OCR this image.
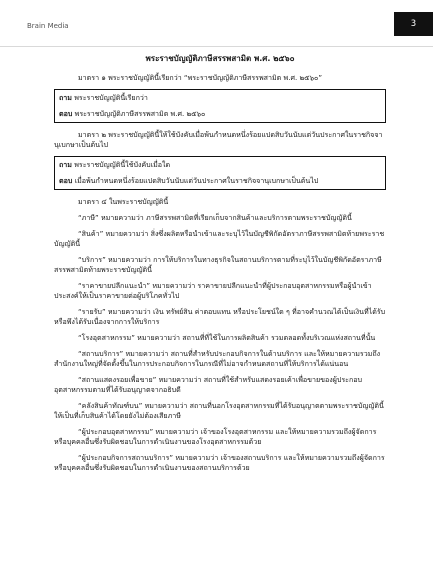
Brain Media	3
พระราชบัญญัติภาษีสรรพสามิต พ.ศ. ๒๕๖๐

มาตรา ๑ พระราชบัญญัตินี้เรียกว่า “พระราชบัญญัติภาษีสรรพสามิต พ.ศ. ๒๕๖๐”

ถาม พระราชบัญญัตินี้เรียกว่า

ตอบ พระราชบัญญัติภาษีสรรพสามิต พ.ศ. ๒๕๖๐

มาตรา ๒ พระราชบัญญัตินี้ให้ใช้บังคับเมื่อพ้นกำหนดหนึ่งร้อยแปดสิบวันนับแต่วันประกาศในราชกิจจานุเบกษาเป็นต้นไป

ถาม พระราชบัญญัตินี้ใช้บังคับเมื่อใด

ตอบ เมื่อพ้นกำหนดหนึ่งร้อยแปดสิบวันนับแต่วันประกาศในราชกิจจานุเบกษาเป็นต้นไป

มาตรา ๔ ในพระราชบัญญัตินี้

“ภาษี” หมายความว่า ภาษีสรรพสามิตที่เรียกเก็บจากสินค้าและบริการตามพระราชบัญญัตินี้

“สินค้า” หมายความว่า สิ่งซึ่งผลิตหรือนำเข้าและระบุไว้ในบัญชีพิกัดอัตราภาษีสรรพสามิตท้ายพระราชบัญญัตินี้

“บริการ” หมายความว่า การให้บริการในทางธุรกิจในสถานบริการตามที่ระบุไว้ในบัญชีพิกัดอัตราภาษีสรรพสามิตท้ายพระราชบัญญัตินี้

“ราคาขายปลีกแนะนำ” หมายความว่า ราคาขายปลีกแนะนำที่ผู้ประกอบอุตสาหกรรมหรือผู้นำเข้าประสงค์ให้เป็นราคาขายต่อผู้บริโภคทั่วไป

“รายรับ” หมายความว่า เงิน ทรัพย์สิน ค่าตอบแทน หรือประโยชน์ใด ๆ ที่อาจคำนวณได้เป็นเงินที่ได้รับหรือพึงได้รับเนื่องจากการให้บริการ

“โรงอุตสาหกรรม” หมายความว่า สถานที่ที่ใช้ในการผลิตสินค้า รวมตลอดทั้งบริเวณแห่งสถานที่นั้น

“สถานบริการ” หมายความว่า สถานที่สำหรับประกอบกิจการในด้านบริการ และให้หมายความรวมถึงสำนักงานใหญ่ที่จัดตั้งขึ้นในการประกอบกิจการในกรณีที่ไม่อาจกำหนดสถานที่ให้บริการได้แน่นอน

“สถานแสดงรอยเพื่อขาย” หมายความว่า สถานที่ใช้สำหรับแสดงรอยเค้าเพื่อขายของผู้ประกอบอุตสาหกรรมตามที่ได้รับอนุญาตจากอธิบดี

“คลังสินค้าทัณฑ์บน” หมายความว่า สถานที่นอกโรงอุตสาหกรรมที่ได้รับอนุญาตตามพระราชบัญญัตินี้ให้เป็นที่เก็บสินค้าได้โดยยังไม่ต้องเสียภาษี

“ผู้ประกอบอุตสาหกรรม” หมายความว่า เจ้าของโรงอุตสาหกรรม และให้หมายความรวมถึงผู้จัดการหรือบุคคลอื่นซึ่งรับผิดชอบในการดำเนินงานของโรงอุตสาหกรรมด้วย

“ผู้ประกอบกิจการสถานบริการ” หมายความว่า เจ้าของสถานบริการ และให้หมายความรวมถึงผู้จัดการหรือบุคคลอื่นซึ่งรับผิดชอบในการดำเนินงานของสถานบริการด้วย
